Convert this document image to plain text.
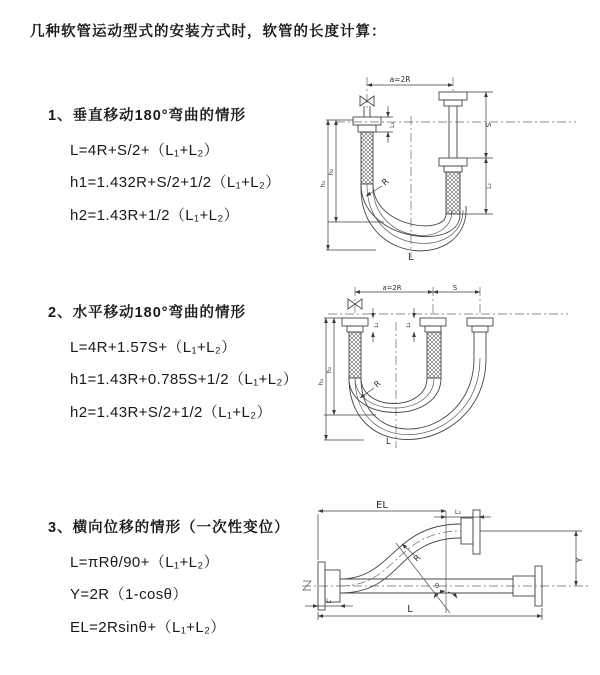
几种软管运动型式的安装方式时，软管的长度计算：
1、垂直移动180°弯曲的情形
L=4R+S/2+（L₁+L₂）
h1=1.432R+S/2+1/2（L₁+L₂）
h2=1.43R+1/2（L₁+L₂）
2、水平移动180°弯曲的情形
L=4R+1.57S+（L₁+L₂）
h1=1.43R+0.785S+1/2（L₁+L₂）
h2=1.43R+S/2+1/2（L₁+L₂）
3、横向位移的情形（一次性变位）
L=πRθ/90+（L₁+L₂）
Y=2R（1-cosθ）
EL=2Rsinθ+（L₁+L₂）
a=2R
h₁
h₂
L₁	S
L₂
R
L
a=2R	S
h₁
h₂
L₁	L₂
R
L
θ
R
EL
L₂
Y
L₁
L
